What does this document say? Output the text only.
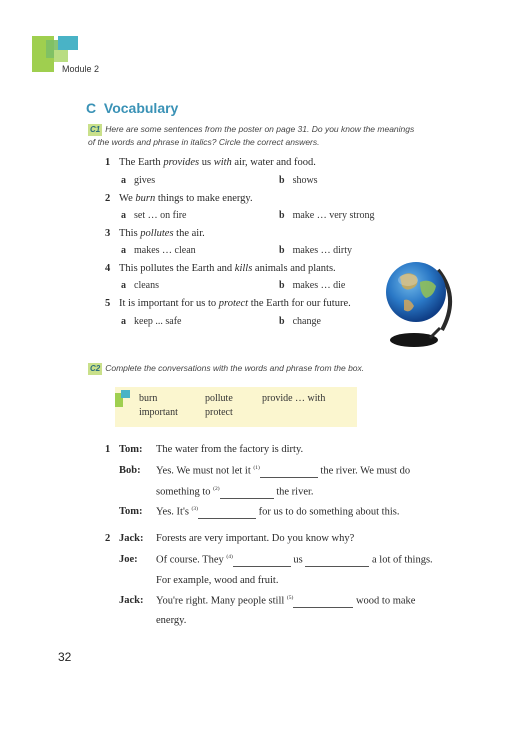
Module 2
C Vocabulary
C1 Here are some sentences from the poster on page 31. Do you know the meanings
of the words and phrase in italics? Circle the correct answers.
1 The Earth provides us with air, water and food.
a gives	b shows
2 We burn things to make energy.
a set … on fire	b make … very strong
3 This pollutes the air.
a makes … clean	b makes … dirty
4 This pollutes the Earth and kills animals and plants.
a cleans	b makes … die
5 It is important for us to protect the Earth for our future.
a keep ... safe	b change
C2 Complete the conversations with the words and phrase from the box.
burn	pollute	provide … with
important	protect
1 Tom: The water from the factory is dirty.
Bob: Yes. We must not let it $^{(1)}$	the river. We must do
something to $^{(2)}$	the river.
Tom: Yes. It's $^{(3)}$	for us to do something about this.
2 Jack: Forests are very important. Do you know why?
Joe: Of course. They $^{(4)}$	us	a lot of things.
For example, wood and fruit.
Jack: You're right. Many people still $^{(5)}$	wood to make
energy.
32
